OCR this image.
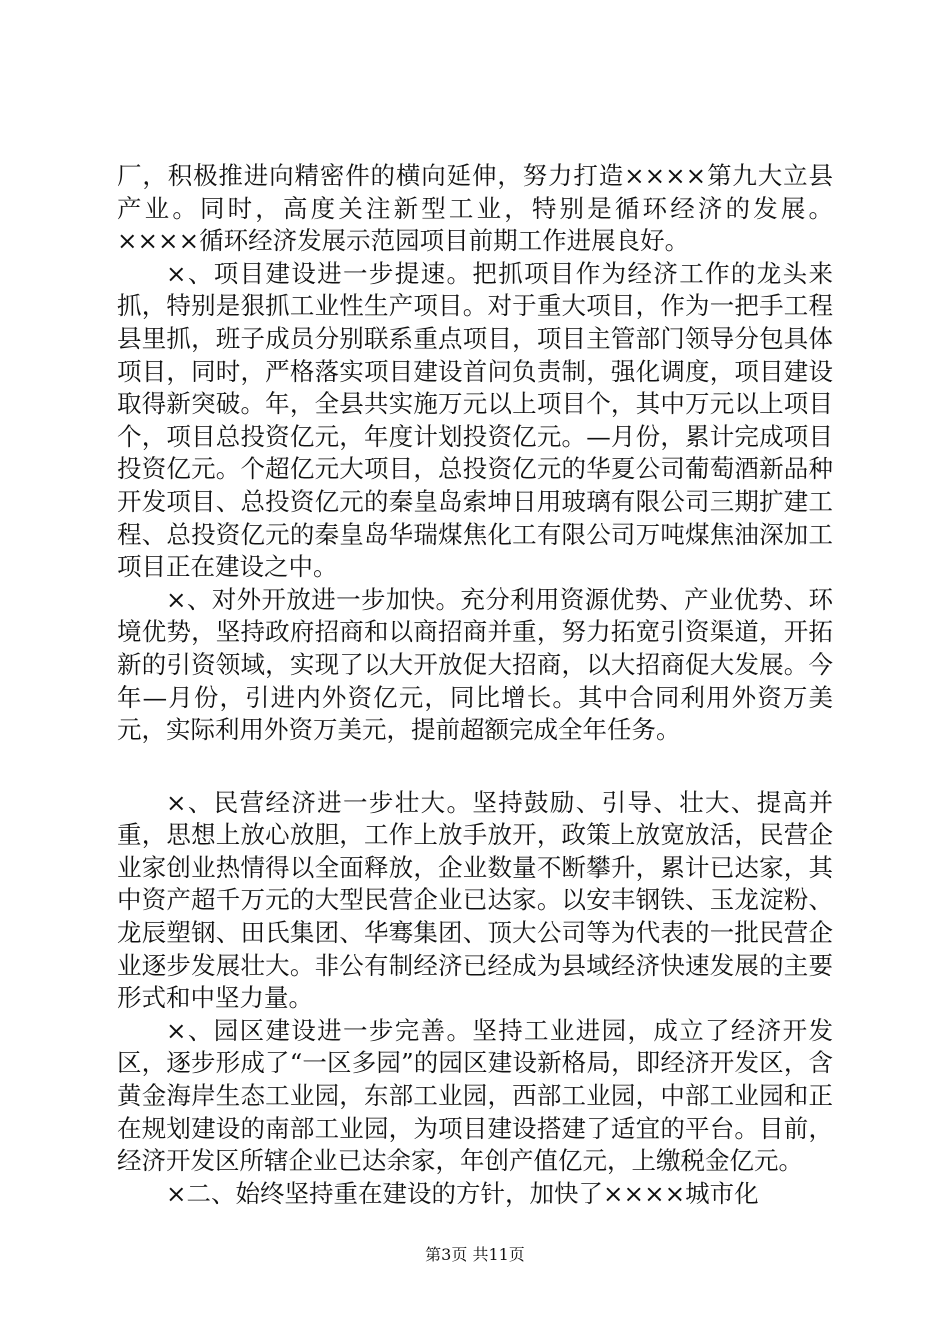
厂，积极推进向精密件的横向延伸，努力打造××××第九大立县产业。同时，高度关注新型工业，特别是循环经济的发展。××××循环经济发展示范园项目前期工作进展良好。

×、项目建设进一步提速。把抓项目作为经济工作的龙头来抓，特别是狠抓工业性生产项目。对于重大项目，作为一把手工程县里抓，班子成员分别联系重点项目，项目主管部门领导分包具体项目，同时，严格落实项目建设首问负责制，强化调度，项目建设取得新突破。年，全县共实施万元以上项目个，其中万元以上项目个，项目总投资亿元，年度计划投资亿元。—月份，累计完成项目投资亿元。个超亿元大项目，总投资亿元的华夏公司葡萄酒新品种开发项目、总投资亿元的秦皇岛索坤日用玻璃有限公司三期扩建工程、总投资亿元的秦皇岛华瑞煤焦化工有限公司万吨煤焦油深加工项目正在建设之中。

×、对外开放进一步加快。充分利用资源优势、产业优势、环境优势，坚持政府招商和以商招商并重，努力拓宽引资渠道，开拓新的引资领域，实现了以大开放促大招商，以大招商促大发展。今年—月份，引进内外资亿元，同比增长。其中合同利用外资万美元，实际利用外资万美元，提前超额完成全年任务。

×、民营经济进一步壮大。坚持鼓励、引导、壮大、提高并重，思想上放心放胆，工作上放手放开，政策上放宽放活，民营企业家创业热情得以全面释放，企业数量不断攀升，累计已达家，其中资产超千万元的大型民营企业已达家。以安丰钢铁、玉龙淀粉、龙辰塑钢、田氏集团、华骞集团、顶大公司等为代表的一批民营企业逐步发展壮大。非公有制经济已经成为县域经济快速发展的主要形式和中坚力量。

×、园区建设进一步完善。坚持工业进园，成立了经济开发区，逐步形成了“一区多园”的园区建设新格局，即经济开发区，含黄金海岸生态工业园，东部工业园，西部工业园，中部工业园和正在规划建设的南部工业园，为项目建设搭建了适宜的平台。目前，经济开发区所辖企业已达余家，年创产值亿元，上缴税金亿元。

×二、始终坚持重在建设的方针，加快了××××城市化

第3页 共11页
